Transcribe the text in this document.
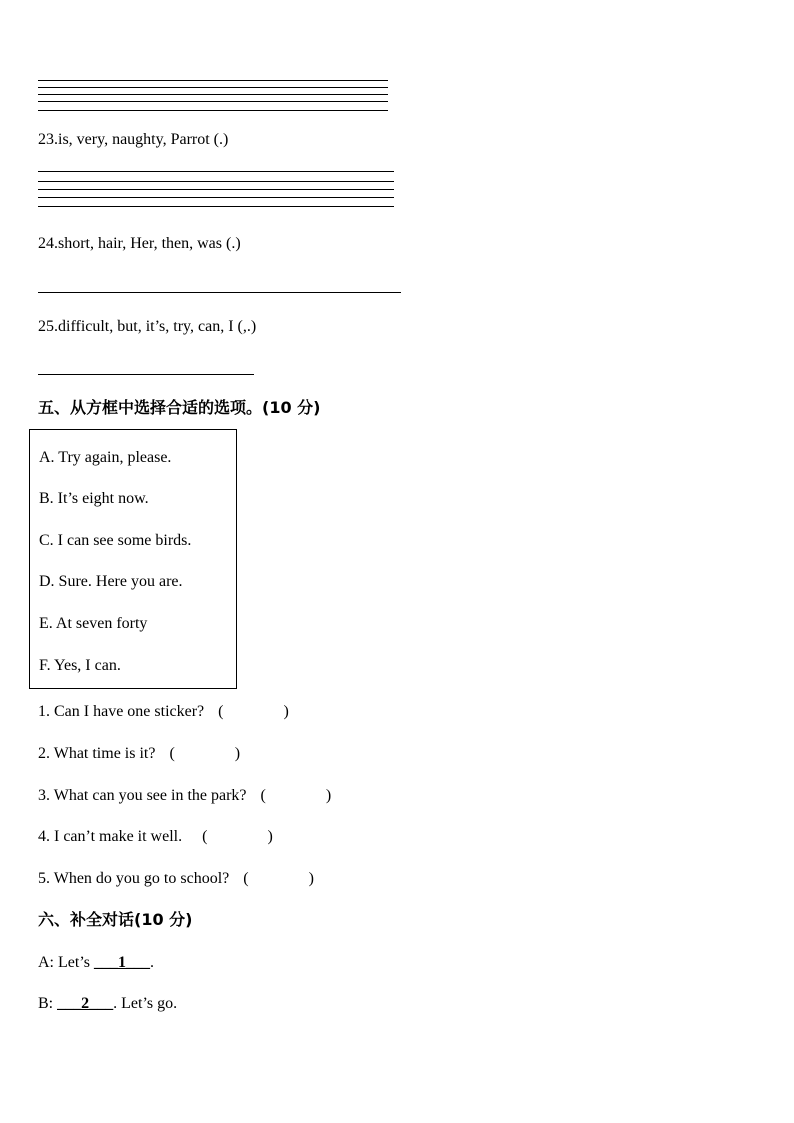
23.is, very, naughty, Parrot (.)
24.short, hair, Her, then, was (.)
25.difficult, but, it’s, try, can, I (,.)
五、从方框中选择合适的选项。(10 分)
A. Try again, please.
B. It’s eight now.
C. I can see some birds.
D. Sure. Here you are.
E. At seven forty
F. Yes, I can.
1. Can I have one sticker? (	)
2. What time is it? (	)
3. What can you see in the park? (	)
4. I can’t make it well. (	)
5. When do you go to school? (	)
六、补全对话(10 分)
A: Let’s ___1___.
B: ___2___. Let’s go.
